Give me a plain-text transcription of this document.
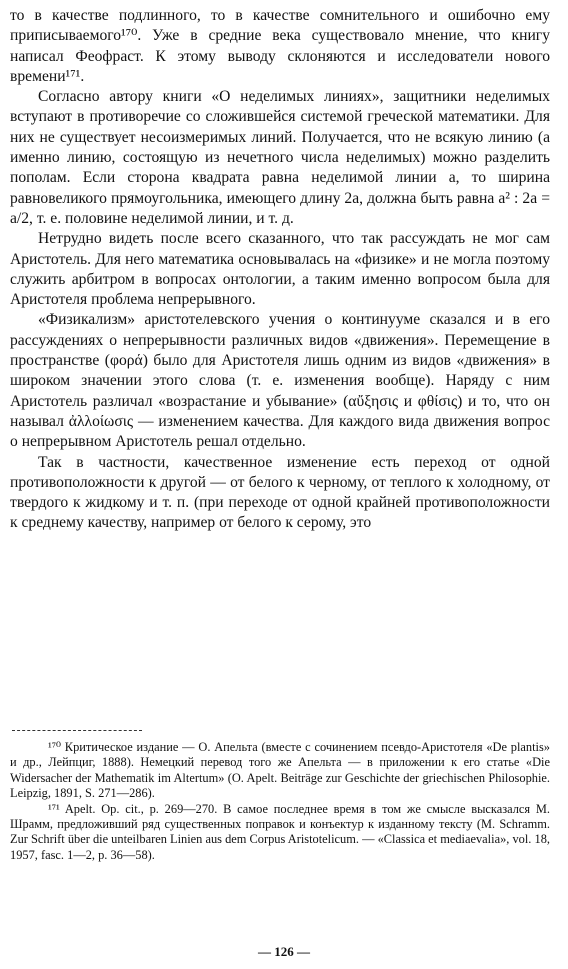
то в качестве подлинного, то в качестве сомнительного и ошибочно ему приписываемого¹⁷⁰. Уже в средние века существовало мнение, что книгу написал Феофраст. К этому выводу склоняются и исследователи нового времени¹⁷¹.

Согласно автору книги «О неделимых линиях», защитники неделимых вступают в противоречие со сложившейся системой греческой математики. Для них не существует несоизмеримых линий. Получается, что не всякую линию (а именно линию, состоящую из нечетного числа неделимых) можно разделить пополам. Если сторона квадрата равна неделимой линии a, то ширина равновеликого прямоугольника, имеющего длину 2a, должна быть равна a² : 2a = a/2, т. е. половине неделимой линии, и т. д.

Нетрудно видеть после всего сказанного, что так рассуждать не мог сам Аристотель. Для него математика основывалась на «физике» и не могла поэтому служить арбитром в вопросах онтологии, а таким именно вопросом была для Аристотеля проблема непрерывного.

«Физикализм» аристотелевского учения о континууме сказался и в его рассуждениях о непрерывности различных видов «движения». Перемещение в пространстве (φορά) было для Аристотеля лишь одним из видов «движения» в широком значении этого слова (т. е. изменения вообще). Наряду с ним Аристотель различал «возрастание и убывание» (αὔξησις и φθίσις) и то, что он называл ἀλλοίωσις — изменением качества. Для каждого вида движения вопрос о непрерывном Аристотель решал отдельно.

Так в частности, качественное изменение есть переход от одной противоположности к другой — от белого к черному, от теплого к холодному, от твердого к жидкому и т. п. (при переходе от одной крайней противоположности к среднему качеству, например от белого к серому, это

¹⁷⁰ Критическое издание — O. Апельта (вместе с сочинением псевдо-Аристотеля «De plantis» и др., Лейпциг, 1888). Немецкий перевод того же Апельта — в приложении к его статье «Die Widersacher der Mathematik im Altertum» (O. Apelt. Beiträge zur Geschichte der griechischen Philosophie. Leipzig, 1891, S. 271—286).

¹⁷¹ Apelt. Op. cit., p. 269—270. В самое последнее время в том же смысле высказался М. Шрамм, предложивший ряд существенных поправок и конъектур к изданному тексту (M. Schramm. Zur Schrift über die unteilbaren Linien aus dem Corpus Aristotelicum. — «Classica et mediaevalia», vol. 18, 1957, fasc. 1—2, p. 36—58).

— 126 —
